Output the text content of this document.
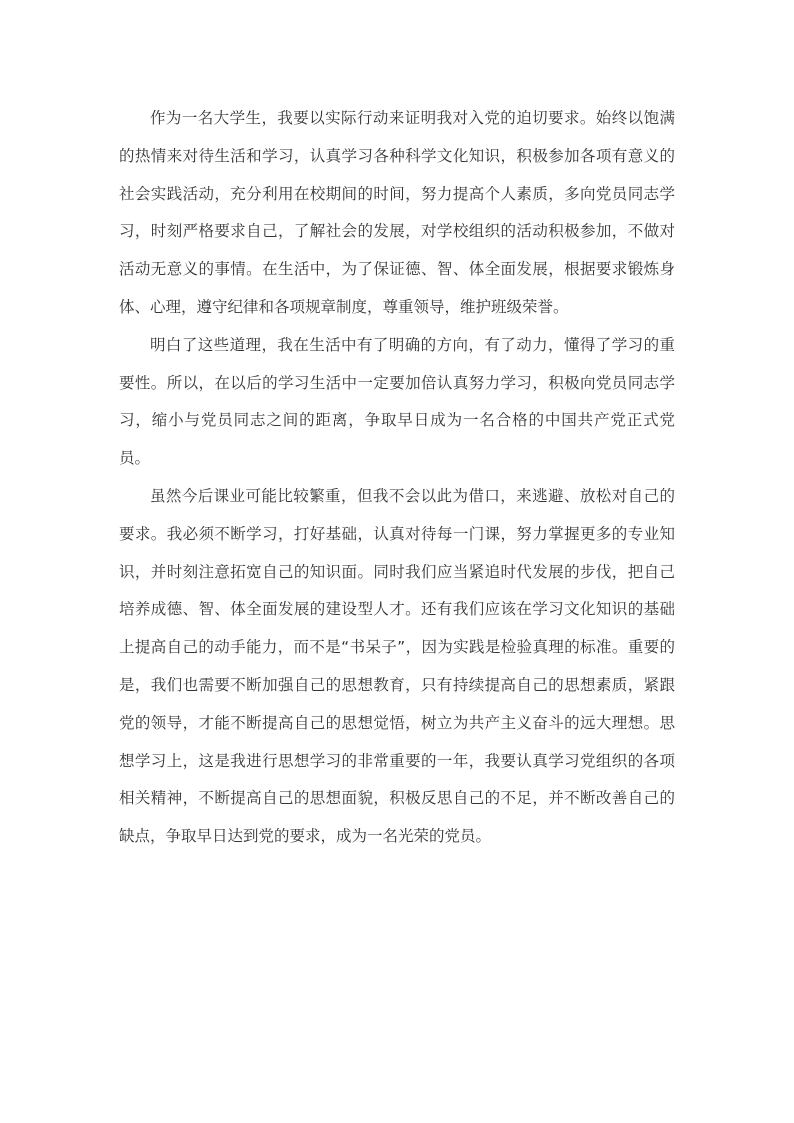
作为一名大学生，我要以实际行动来证明我对入党的迫切要求。始终以饱满的热情来对待生活和学习，认真学习各种科学文化知识，积极参加各项有意义的社会实践活动，充分利用在校期间的时间，努力提高个人素质，多向党员同志学习，时刻严格要求自己，了解社会的发展，对学校组织的活动积极参加，不做对活动无意义的事情。在生活中，为了保证德、智、体全面发展，根据要求锻炼身体、心理，遵守纪律和各项规章制度，尊重领导，维护班级荣誉。

明白了这些道理，我在生活中有了明确的方向，有了动力，懂得了学习的重要性。所以，在以后的学习生活中一定要加倍认真努力学习，积极向党员同志学习，缩小与党员同志之间的距离，争取早日成为一名合格的中国共产党正式党员。

虽然今后课业可能比较繁重，但我不会以此为借口，来逃避、放松对自己的要求。我必须不断学习，打好基础，认真对待每一门课，努力掌握更多的专业知识，并时刻注意拓宽自己的知识面。同时我们应当紧追时代发展的步伐，把自己培养成德、智、体全面发展的建设型人才。还有我们应该在学习文化知识的基础上提高自己的动手能力，而不是“书呆子”，因为实践是检验真理的标准。重要的是，我们也需要不断加强自己的思想教育，只有持续提高自己的思想素质，紧跟党的领导，才能不断提高自己的思想觉悟，树立为共产主义奋斗的远大理想。思想学习上，这是我进行思想学习的非常重要的一年，我要认真学习党组织的各项相关精神，不断提高自己的思想面貌，积极反思自己的不足，并不断改善自己的缺点，争取早日达到党的要求，成为一名光荣的党员。
